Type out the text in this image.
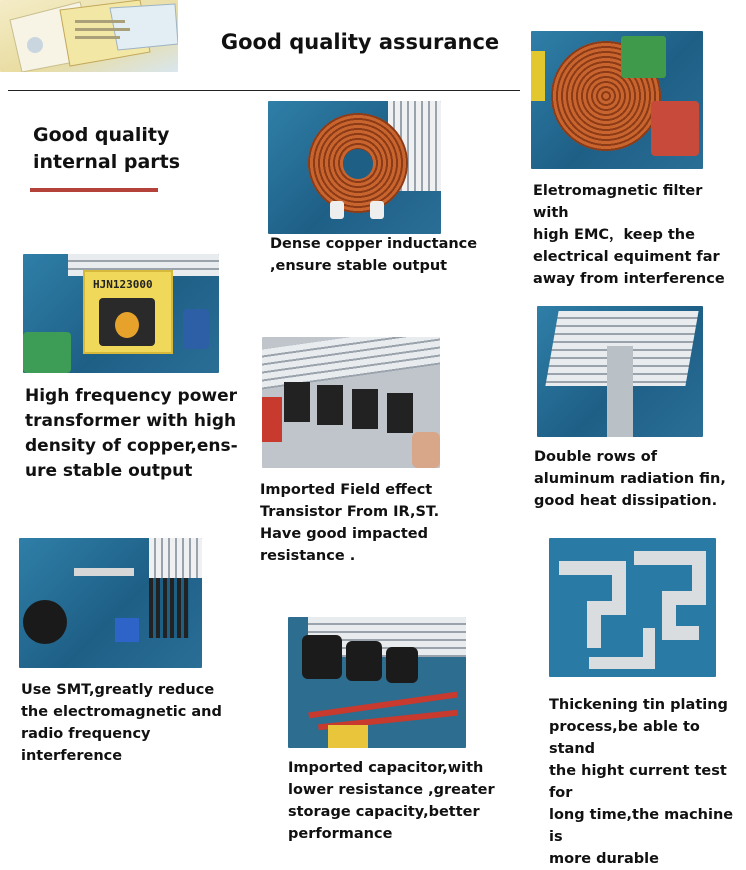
Good quality assurance
Good quality
internal parts
Dense copper inductance
,ensure stable output
Eletromagnetic filter with
high EMC，keep the
electrical equiment far
away from interference
HJN123000
High frequency power
transformer with high
density of copper,ens-
ure stable output
Imported Field effect
Transistor From IR,ST.
Have good impacted
resistance .
Double rows of
aluminum radiation fin,
good heat dissipation.
Use SMT,greatly reduce
the electromagnetic and
radio frequency
interference
Imported capacitor,with
lower resistance ,greater
storage capacity,better
performance
Thickening tin plating
process,be able to stand
the hight current test for
long time,the machine is
more durable
